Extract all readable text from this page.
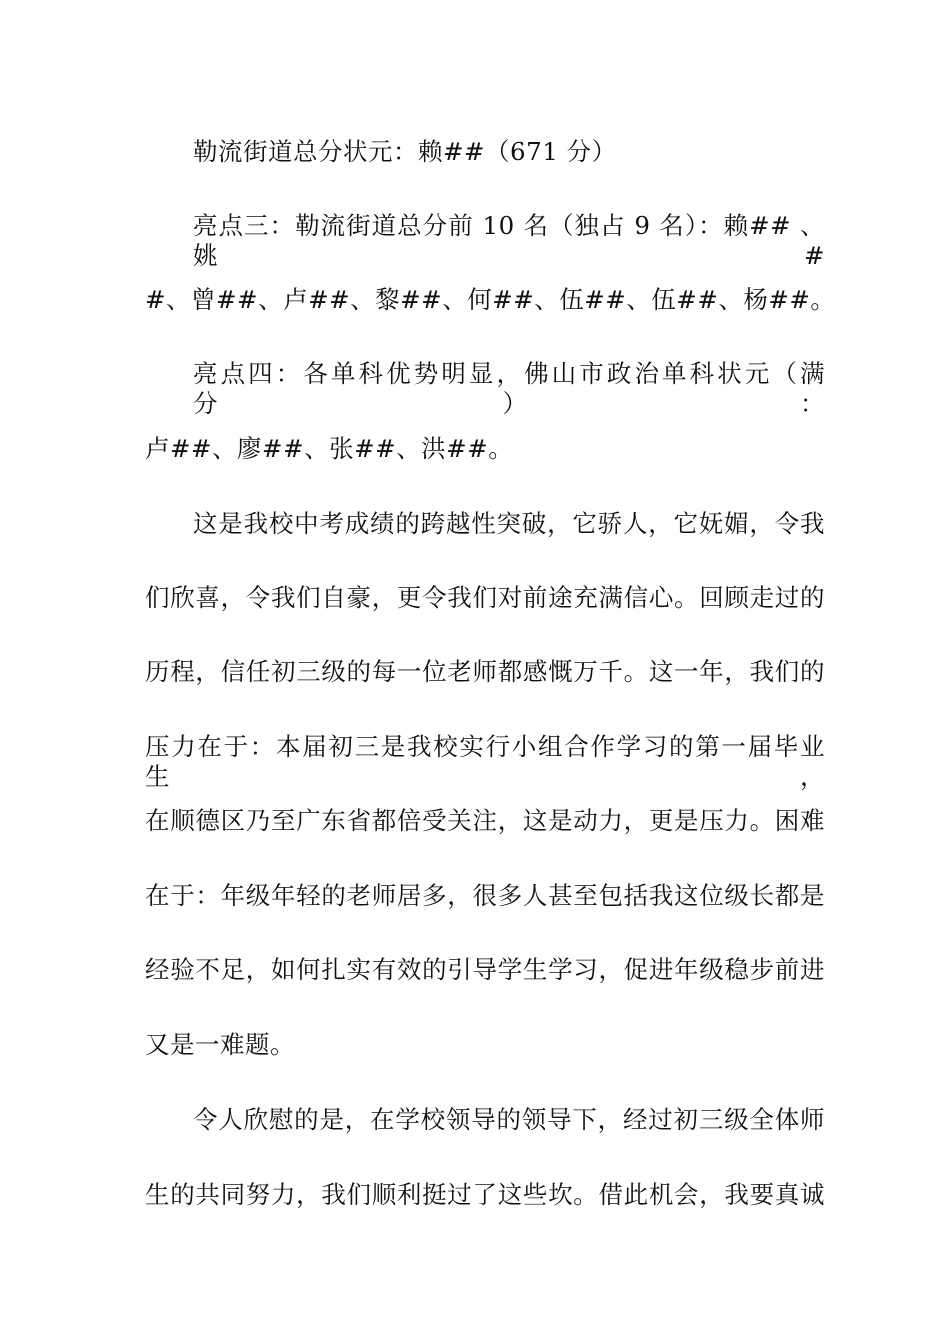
勒流街道总分状元：赖##（671 分）
亮点三：勒流街道总分前 10 名（独占 9 名）：赖## 、姚#
#、曾##、卢##、黎##、何##、伍##、伍##、杨##。
亮点四：各单科优势明显，佛山市政治单科状元（满分）：
卢##、廖##、张##、洪##。
这是我校中考成绩的跨越性突破，它骄人，它妩媚，令我
们欣喜，令我们自豪，更令我们对前途充满信心。回顾走过的
历程，信任初三级的每一位老师都感慨万千。这一年，我们的
压力在于：本届初三是我校实行小组合作学习的第一届毕业生，
在顺德区乃至广东省都倍受关注，这是动力，更是压力。困难
在于：年级年轻的老师居多，很多人甚至包括我这位级长都是
经验不足，如何扎实有效的引导学生学习，促进年级稳步前进
又是一难题。
令人欣慰的是，在学校领导的领导下，经过初三级全体师
生的共同努力，我们顺利挺过了这些坎。借此机会，我要真诚
